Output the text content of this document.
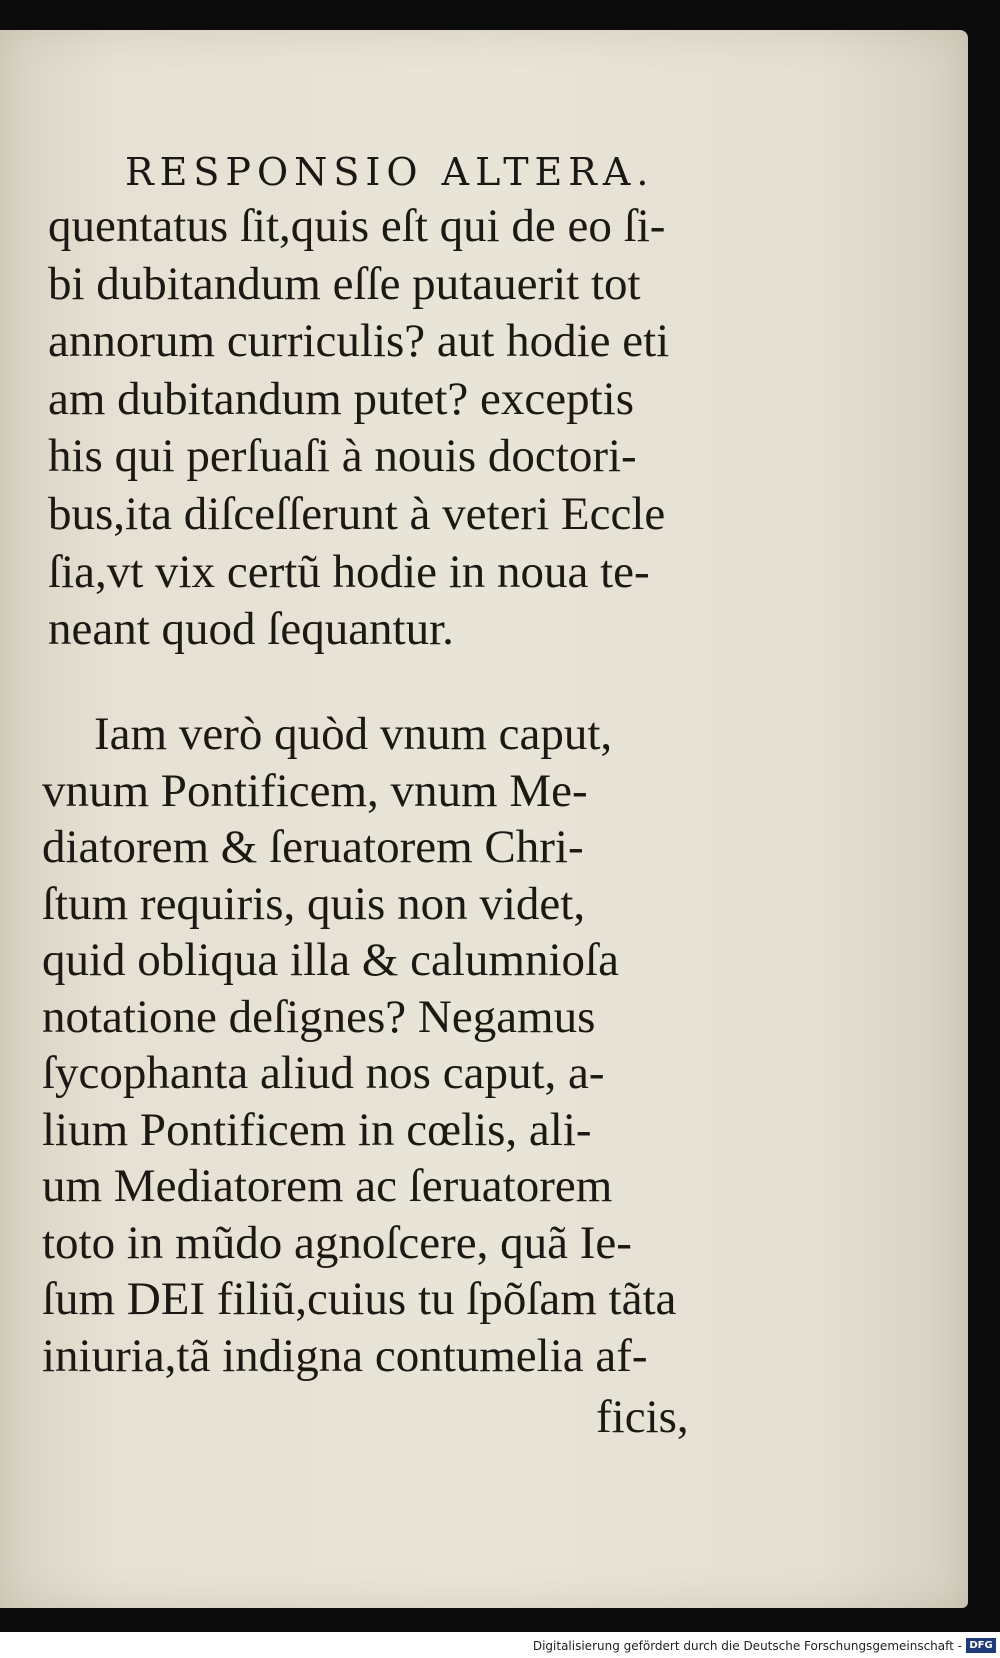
RESPONSIO ALTERA.

quentatus ſit,quis eſt qui de eo ſi-
bi dubitandum eſſe putauerit tot
annorum curriculis? aut hodie eti
am dubitandum putet? exceptis
his qui perſuaſi à nouis doctori-
bus,ita diſceſſerunt à veteri Eccle
ſia,vt vix certũ hodie in noua te-
neant quod ſequantur.

Iam verò quòd vnum caput,
vnum Pontificem, vnum Me-
diatorem & ſeruatorem Chri-
ſtum requiris, quis non videt,
quid obliqua illa & calumnioſa
notatione deſignes? Negamus
ſycophanta aliud nos caput, a-
lium Pontificem in cœlis, ali-
um Mediatorem ac ſeruatorem
toto in mũdo agnoſcere, quã Ie-
ſum DEI filiũ,cuius tu ſpõſam tãta
iniuria,tã indigna contumelia af-

ficis,
Digitalisierung gefördert durch die Deutsche Forschungsgemeinschaft - DFG
